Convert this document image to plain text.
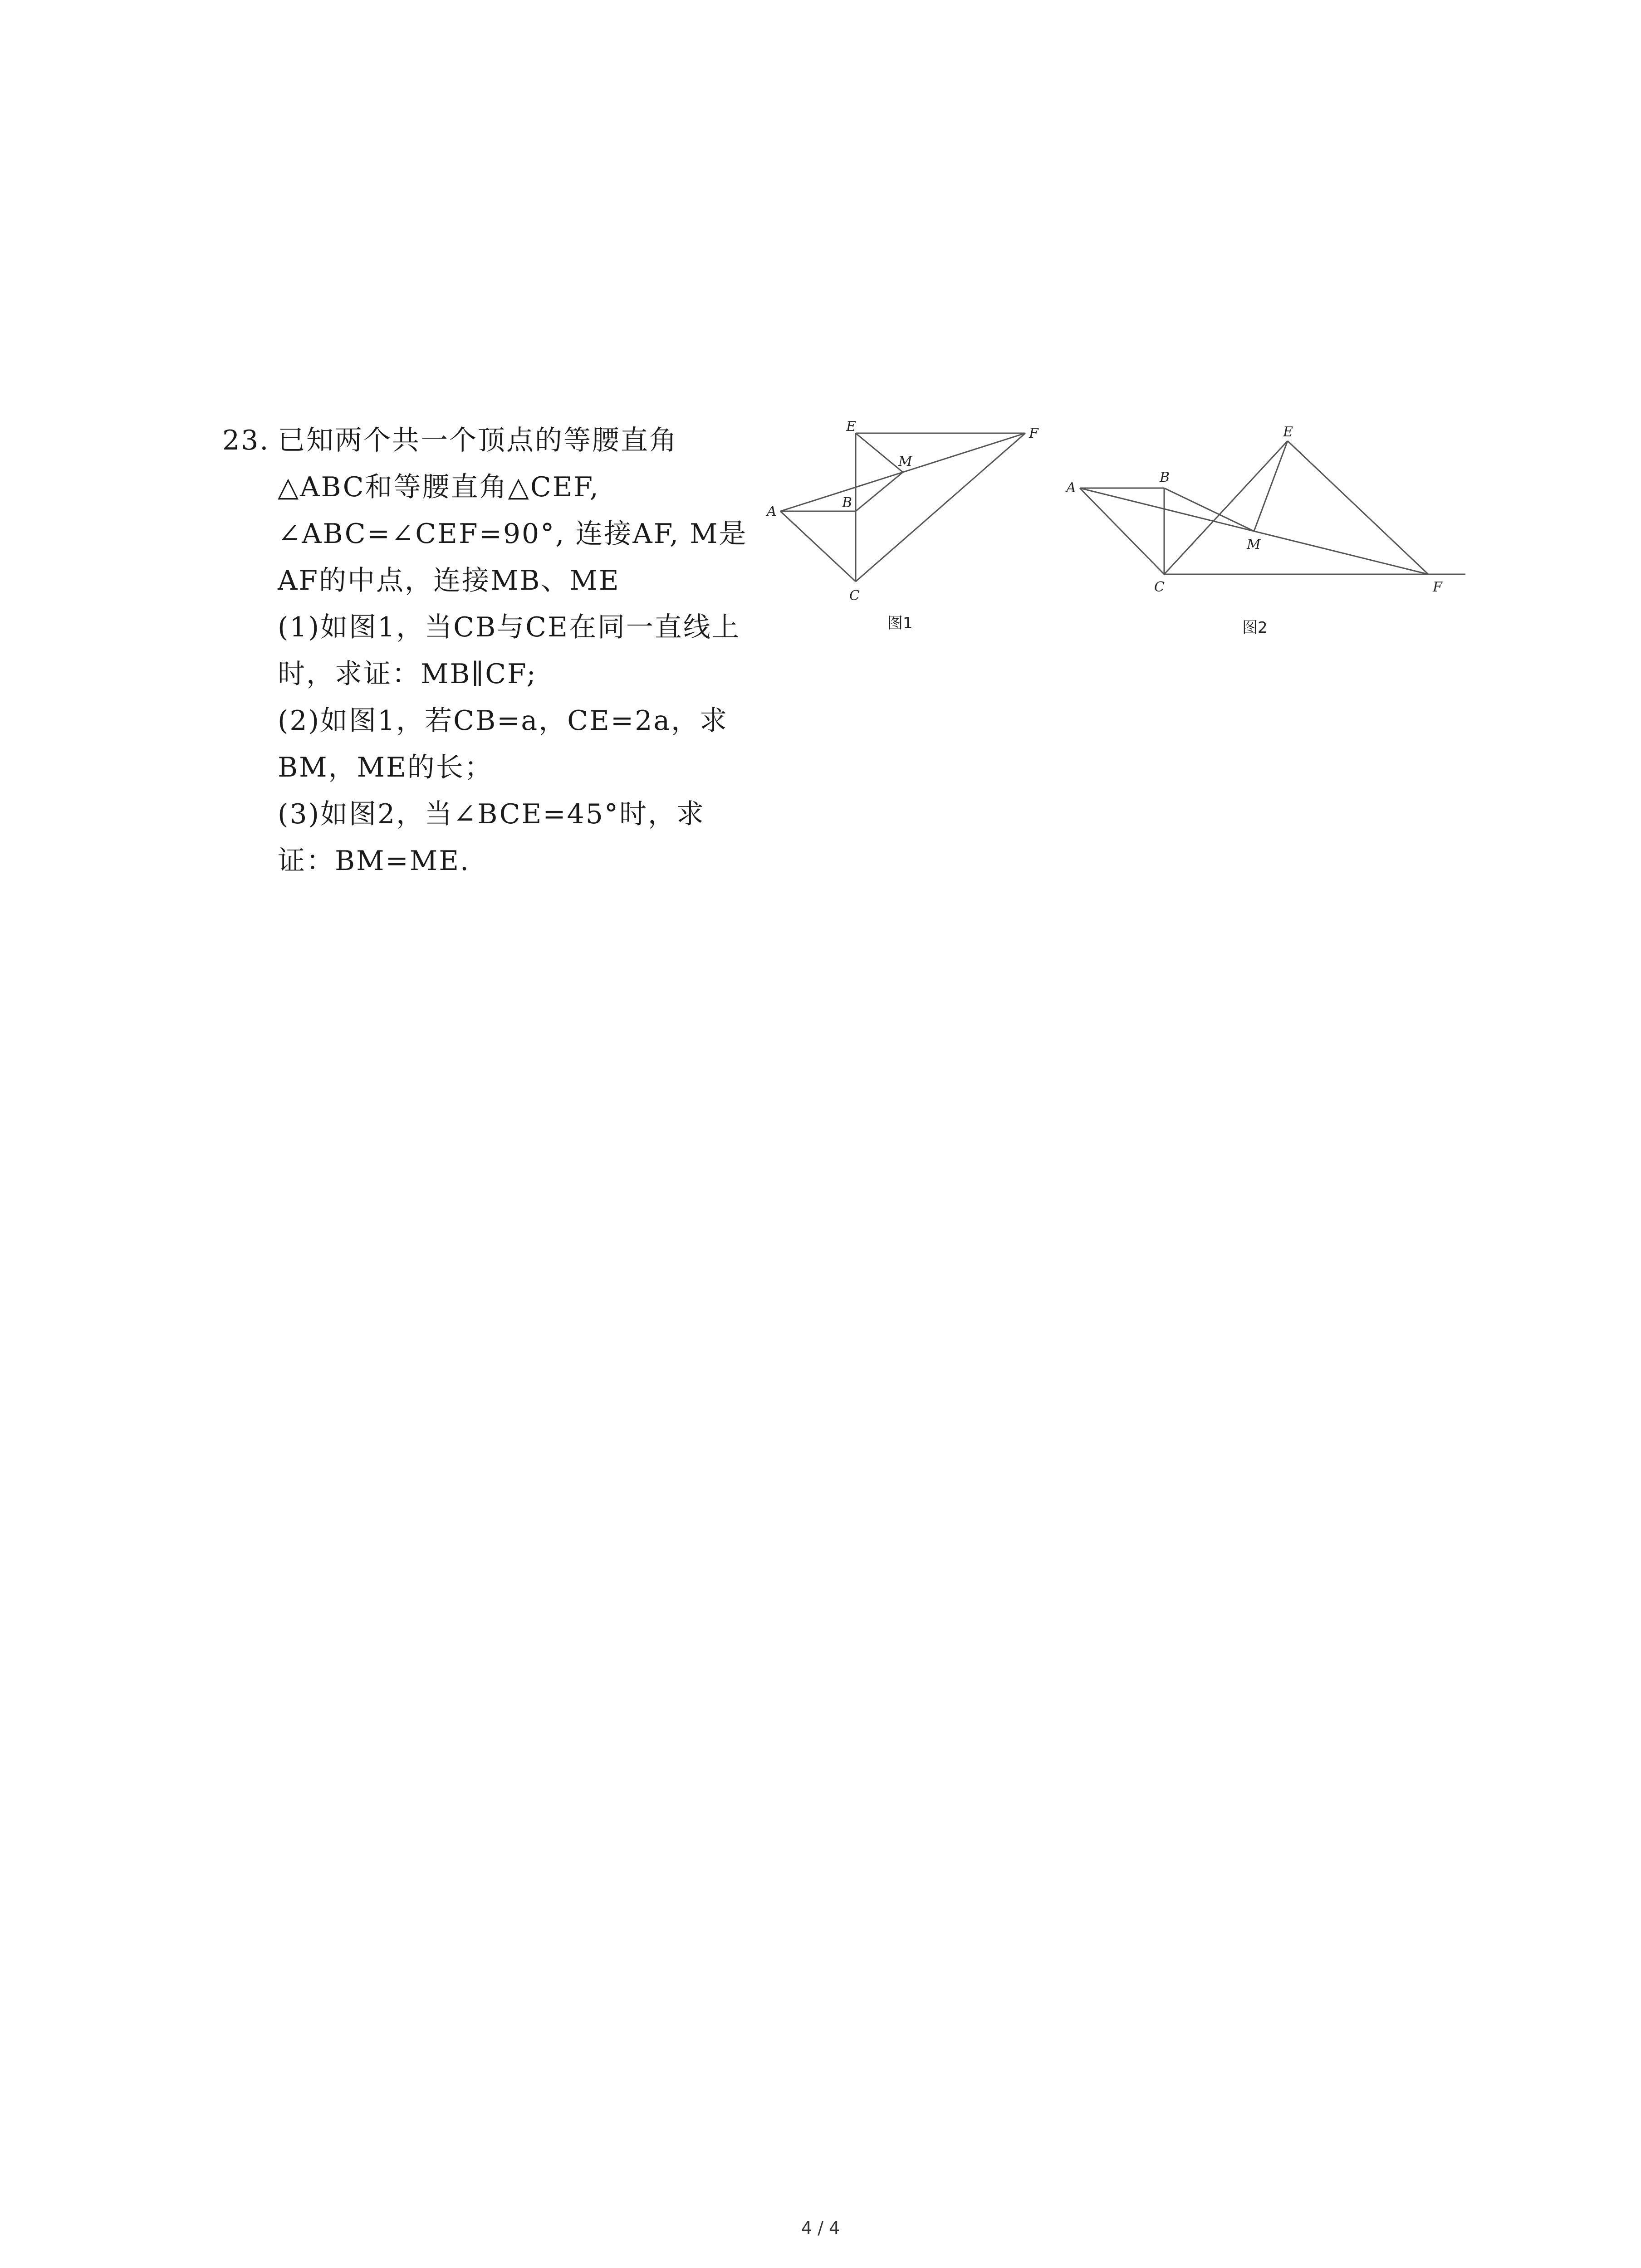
23. 已知两个共一个顶点的等腰直角
△ABC和等腰直角△CEF,
∠ABC=∠CEF=90°, 连接AF, M是
AF的中点，连接MB、ME
(1)如图1，当CB与CE在同一直线上
时，求证：MB∥CF;
(2)如图1，若CB=a，CE=2a，求
BM，ME的长；
(3)如图2，当∠BCE=45°时，求
证：BM=ME.
E	F
M
A
B
C
图1
A
B
E
M
C	F
图2
4 / 4
